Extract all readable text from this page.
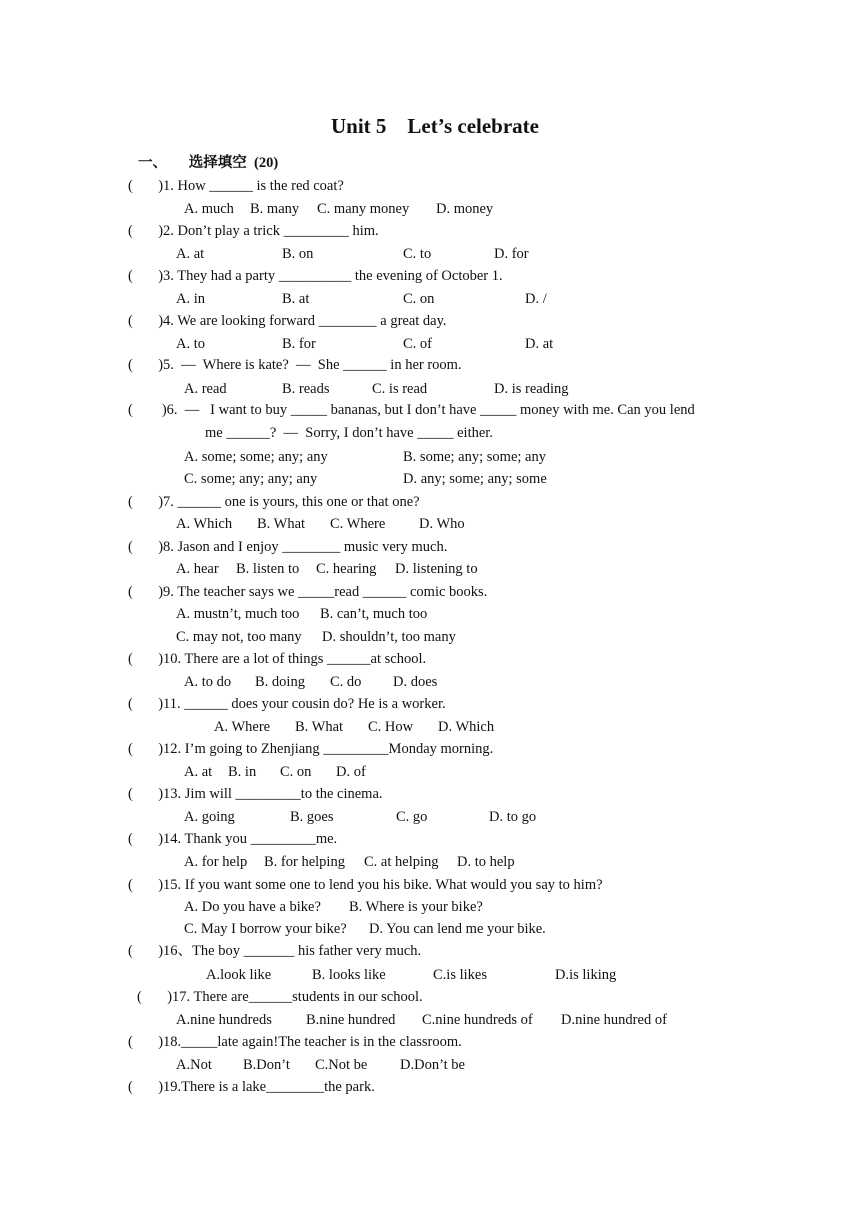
Unit 5    Let’s celebrate
一、      选择填空  (20)
(       )1. How ______ is the red coat?
A. much B. many C. many money D. money
(       )2. Don’t play a trick _________ him.
A. at	B. on	C. to	D. for
(       )3. They had a party __________ the evening of October 1.
A. in	B. at	C. on	D. /
(       )4. We are looking forward ________ a great day.
A. to	B. for	C. of	D. at
(       )5.  —  Where is kate?  —  She ______ in her room.
A. read	B. reads	C. is read	D. is reading
(        )6.  —   I want to buy _____ bananas, but I don’t have _____ money with me. Can you lend
me ______?  —  Sorry, I don’t have _____ either.
A. some; some; any; any	B. some; any; some; any
C. some; any; any; any	D. any; some; any; some
(       )7. ______ one is yours, this one or that one?
A. Which B. What C. Where D. Who
(       )8. Jason and I enjoy ________ music very much.
A. hear B. listen to C. hearing D. listening to
(       )9. The teacher says we _____read ______ comic books.
A. mustn’t, much too B. can’t, much too
C. may not, too many D. shouldn’t, too many
(       )10. There are a lot of things ______at school.
A. to do B. doing C. do D. does
(       )11. ______ does your cousin do? He is a worker.
A. Where B. What C. How D. Which
(       )12. I’m going to Zhenjiang _________Monday morning.
A. at B. in C. on D. of
(       )13. Jim will _________to the cinema.
A. going	B. goes	C. go	D. to go
(       )14. Thank you _________me.
A. for help B. for helping C. at helping D. to help
(       )15. If you want some one to lend you his bike. What would you say to him?
A. Do you have a bike? B. Where is your bike?
C. May I borrow your bike? D. You can lend me your bike.
(       )16、The boy _______ his father very much.
A.look like	B. looks like	C.is likes	D.is liking
(       )17. There are______students in our school.
A.nine hundreds B.nine hundred C.nine hundreds of D.nine hundred of
(       )18._____late again!The teacher is in the classroom.
A.Not B.Don’t C.Not be D.Don’t be
(       )19.There is a lake________the park.
